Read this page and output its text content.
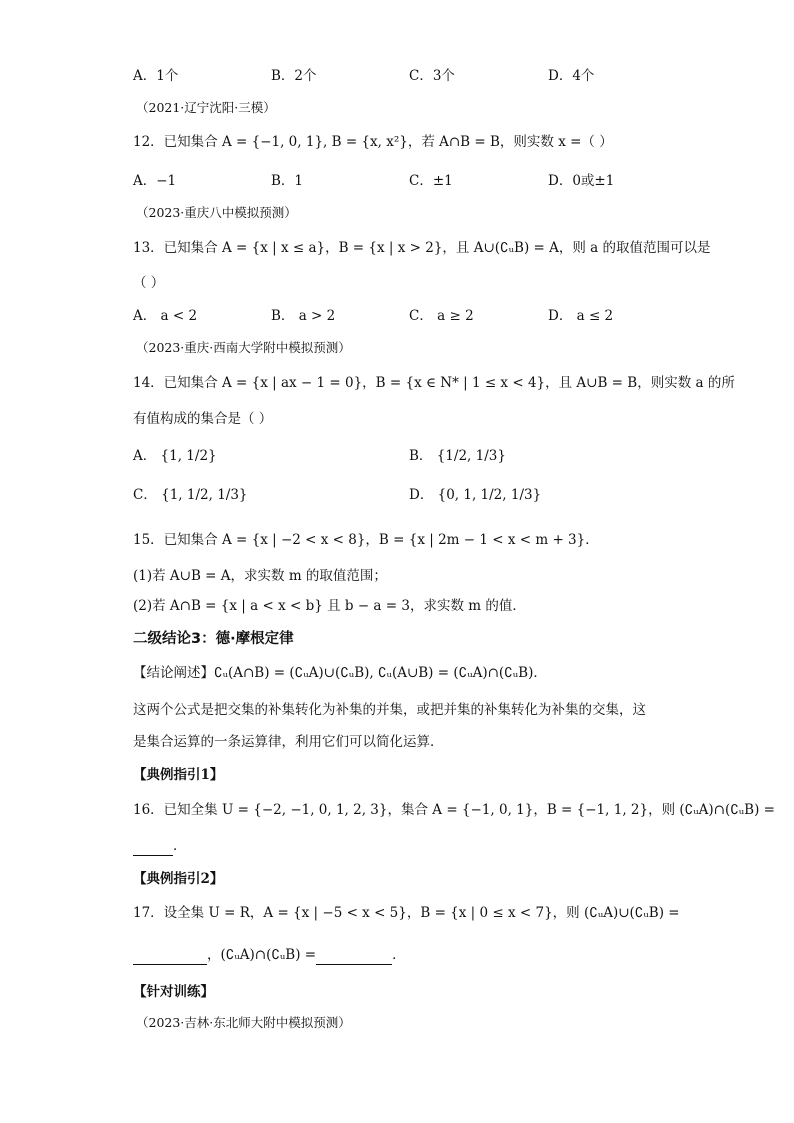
A．1个	B．2个	C．3个	D．4个
（2021·辽宁沈阳·三模）
12．已知集合 A = {−1, 0, 1}, B = {x, x²}，若 A∩B = B，则实数 x =（ ）
A．−1	B．1	C．±1	D．0或±1
（2023·重庆八中模拟预测）
13．已知集合 A = {x | x ≤ a}，B = {x | x > 2}，且 A∪(∁ᵤB) = A，则 a 的取值范围可以是
（ ）
A． a < 2	B． a > 2	C． a ≥ 2	D． a ≤ 2
（2023·重庆·西南大学附中模拟预测）
14．已知集合 A = {x | ax − 1 = 0}，B = {x ∈ N* | 1 ≤ x < 4}，且 A∪B = B，则实数 a 的所
有值构成的集合是（ ）
A． {1, 1/2}	B． {1/2, 1/3}
C． {1, 1/2, 1/3}	D． {0, 1, 1/2, 1/3}
15．已知集合 A = {x | −2 < x < 8}，B = {x | 2m − 1 < x < m + 3}．
(1)若 A∪B = A，求实数 m 的取值范围；
(2)若 A∩B = {x | a < x < b} 且 b − a = 3，求实数 m 的值．
二级结论3：德·摩根定律
【结论阐述】∁ᵤ(A∩B) = (∁ᵤA)∪(∁ᵤB), ∁ᵤ(A∪B) = (∁ᵤA)∩(∁ᵤB)．
这两个公式是把交集的补集转化为补集的并集，或把并集的补集转化为补集的交集，这
是集合运算的一条运算律，利用它们可以简化运算．
【典例指引1】
16．已知全集 U = {−2, −1, 0, 1, 2, 3}，集合 A = {−1, 0, 1}，B = {−1, 1, 2}，则 (∁ᵤA)∩(∁ᵤB) =
．
【典例指引2】
17．设全集 U = R，A = {x | −5 < x < 5}，B = {x | 0 ≤ x < 7}，则 (∁ᵤA)∪(∁ᵤB) =
，(∁ᵤA)∩(∁ᵤB) =	．
【针对训练】
（2023·吉林·东北师大附中模拟预测）
